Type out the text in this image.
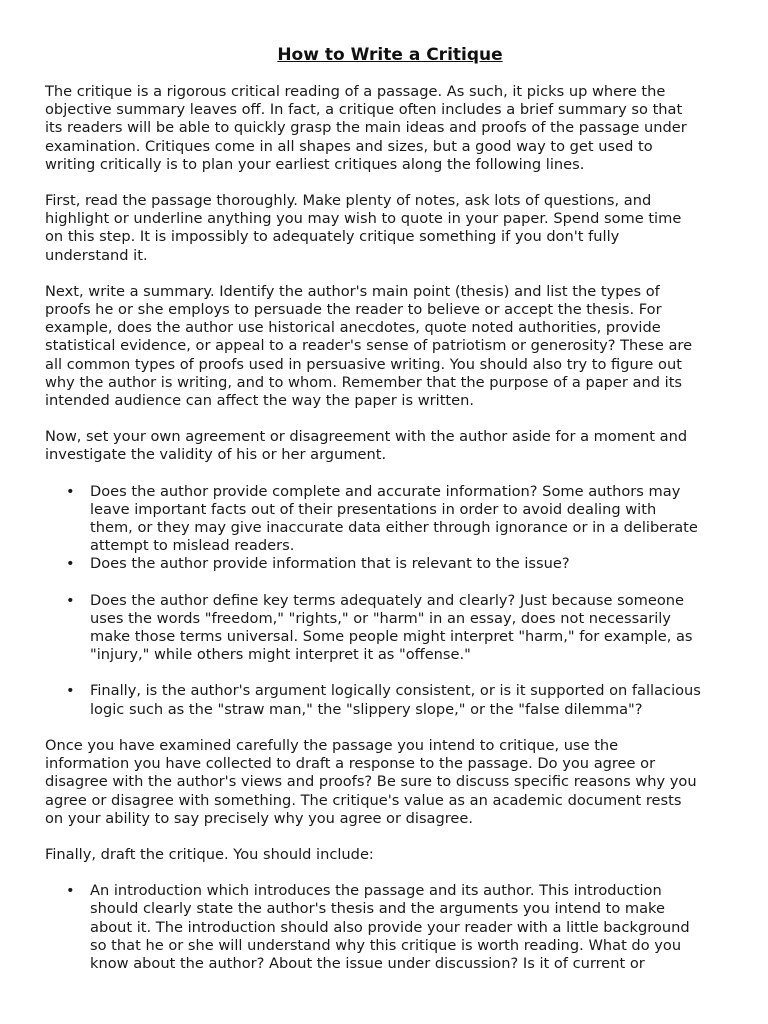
How to Write a Critique

The critique is a rigorous critical reading of a passage. As such, it picks up where the
objective summary leaves off. In fact, a critique often includes a brief summary so that
its readers will be able to quickly grasp the main ideas and proofs of the passage under
examination. Critiques come in all shapes and sizes, but a good way to get used to
writing critically is to plan your earliest critiques along the following lines.

First, read the passage thoroughly. Make plenty of notes, ask lots of questions, and
highlight or underline anything you may wish to quote in your paper. Spend some time
on this step. It is impossibly to adequately critique something if you don't fully
understand it.

Next, write a summary. Identify the author's main point (thesis) and list the types of
proofs he or she employs to persuade the reader to believe or accept the thesis. For
example, does the author use historical anecdotes, quote noted authorities, provide
statistical evidence, or appeal to a reader's sense of patriotism or generosity? These are
all common types of proofs used in persuasive writing. You should also try to figure out
why the author is writing, and to whom. Remember that the purpose of a paper and its
intended audience can affect the way the paper is written.

Now, set your own agreement or disagreement with the author aside for a moment and
investigate the validity of his or her argument.

• Does the author provide complete and accurate information? Some authors may
leave important facts out of their presentations in order to avoid dealing with
them, or they may give inaccurate data either through ignorance or in a deliberate
attempt to mislead readers.
• Does the author provide information that is relevant to the issue?
• Does the author define key terms adequately and clearly? Just because someone
uses the words "freedom," "rights," or "harm" in an essay, does not necessarily
make those terms universal. Some people might interpret "harm," for example, as
"injury," while others might interpret it as "offense."
• Finally, is the author's argument logically consistent, or is it supported on fallacious
logic such as the "straw man," the "slippery slope," or the "false dilemma"?

Once you have examined carefully the passage you intend to critique, use the
information you have collected to draft a response to the passage. Do you agree or
disagree with the author's views and proofs? Be sure to discuss specific reasons why you
agree or disagree with something. The critique's value as an academic document rests
on your ability to say precisely why you agree or disagree.

Finally, draft the critique. You should include:

• An introduction which introduces the passage and its author. This introduction
should clearly state the author's thesis and the arguments you intend to make
about it. The introduction should also provide your reader with a little background
so that he or she will understand why this critique is worth reading. What do you
know about the author? About the issue under discussion? Is it of current or
